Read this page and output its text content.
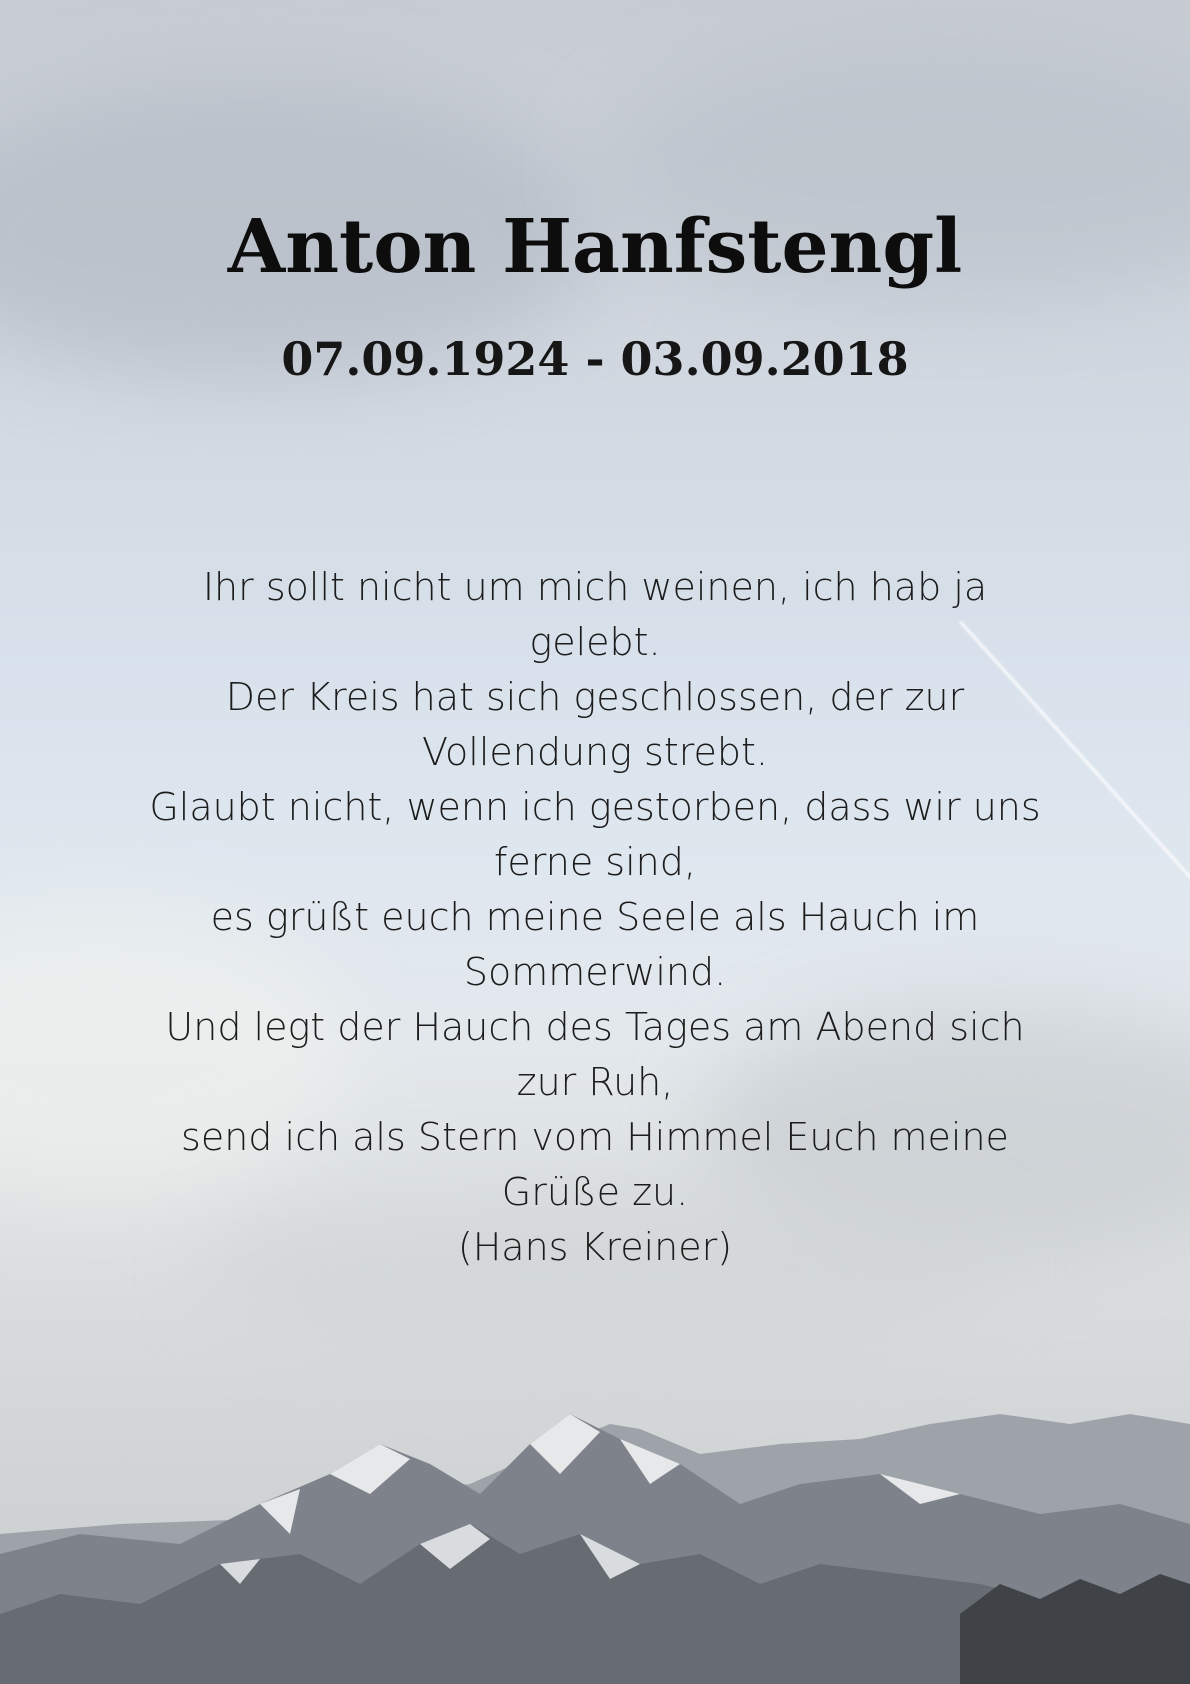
Anton Hanfstengl
07.09.1924 - 03.09.2018
Ihr sollt nicht um mich weinen, ich hab ja
gelebt.
Der Kreis hat sich geschlossen, der zur
Vollendung strebt.
Glaubt nicht, wenn ich gestorben, dass wir uns
ferne sind,
es grüßt euch meine Seele als Hauch im
Sommerwind.
Und legt der Hauch des Tages am Abend sich
zur Ruh,
send ich als Stern vom Himmel Euch meine
Grüße zu.
(Hans Kreiner)
